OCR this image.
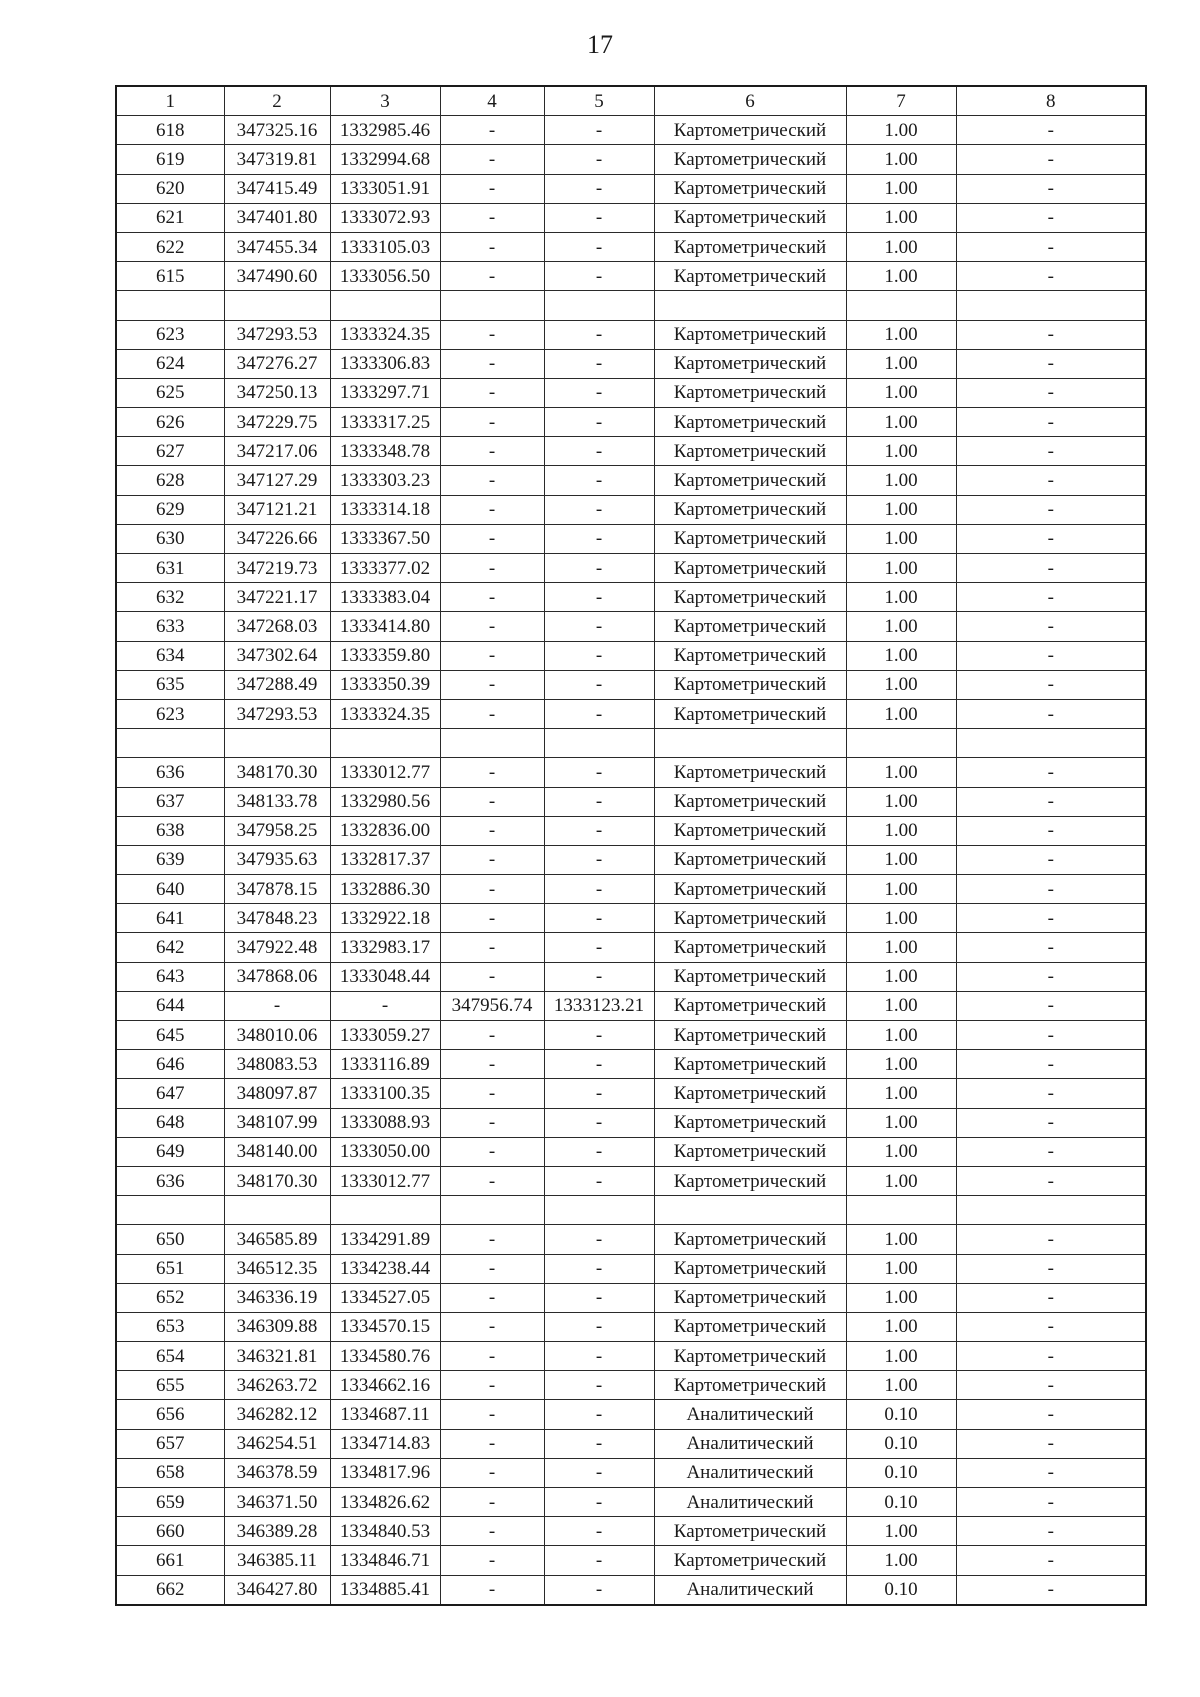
17
1	2	3	4	5	6	7	8
618	347325.16	1332985.46	-	-	Картометрический	1.00	-
619	347319.81	1332994.68	-	-	Картометрический	1.00	-
620	347415.49	1333051.91	-	-	Картометрический	1.00	-
621	347401.80	1333072.93	-	-	Картометрический	1.00	-
622	347455.34	1333105.03	-	-	Картометрический	1.00	-
615	347490.60	1333056.50	-	-	Картометрический	1.00	-

623	347293.53	1333324.35	-	-	Картометрический	1.00	-
624	347276.27	1333306.83	-	-	Картометрический	1.00	-
625	347250.13	1333297.71	-	-	Картометрический	1.00	-
626	347229.75	1333317.25	-	-	Картометрический	1.00	-
627	347217.06	1333348.78	-	-	Картометрический	1.00	-
628	347127.29	1333303.23	-	-	Картометрический	1.00	-
629	347121.21	1333314.18	-	-	Картометрический	1.00	-
630	347226.66	1333367.50	-	-	Картометрический	1.00	-
631	347219.73	1333377.02	-	-	Картометрический	1.00	-
632	347221.17	1333383.04	-	-	Картометрический	1.00	-
633	347268.03	1333414.80	-	-	Картометрический	1.00	-
634	347302.64	1333359.80	-	-	Картометрический	1.00	-
635	347288.49	1333350.39	-	-	Картометрический	1.00	-
623	347293.53	1333324.35	-	-	Картометрический	1.00	-

636	348170.30	1333012.77	-	-	Картометрический	1.00	-
637	348133.78	1332980.56	-	-	Картометрический	1.00	-
638	347958.25	1332836.00	-	-	Картометрический	1.00	-
639	347935.63	1332817.37	-	-	Картометрический	1.00	-
640	347878.15	1332886.30	-	-	Картометрический	1.00	-
641	347848.23	1332922.18	-	-	Картометрический	1.00	-
642	347922.48	1332983.17	-	-	Картометрический	1.00	-
643	347868.06	1333048.44	-	-	Картометрический	1.00	-
644	-	-	347956.74	1333123.21	Картометрический	1.00	-
645	348010.06	1333059.27	-	-	Картометрический	1.00	-
646	348083.53	1333116.89	-	-	Картометрический	1.00	-
647	348097.87	1333100.35	-	-	Картометрический	1.00	-
648	348107.99	1333088.93	-	-	Картометрический	1.00	-
649	348140.00	1333050.00	-	-	Картометрический	1.00	-
636	348170.30	1333012.77	-	-	Картометрический	1.00	-

650	346585.89	1334291.89	-	-	Картометрический	1.00	-
651	346512.35	1334238.44	-	-	Картометрический	1.00	-
652	346336.19	1334527.05	-	-	Картометрический	1.00	-
653	346309.88	1334570.15	-	-	Картометрический	1.00	-
654	346321.81	1334580.76	-	-	Картометрический	1.00	-
655	346263.72	1334662.16	-	-	Картометрический	1.00	-
656	346282.12	1334687.11	-	-	Аналитический	0.10	-
657	346254.51	1334714.83	-	-	Аналитический	0.10	-
658	346378.59	1334817.96	-	-	Аналитический	0.10	-
659	346371.50	1334826.62	-	-	Аналитический	0.10	-
660	346389.28	1334840.53	-	-	Картометрический	1.00	-
661	346385.11	1334846.71	-	-	Картометрический	1.00	-
662	346427.80	1334885.41	-	-	Аналитический	0.10	-
